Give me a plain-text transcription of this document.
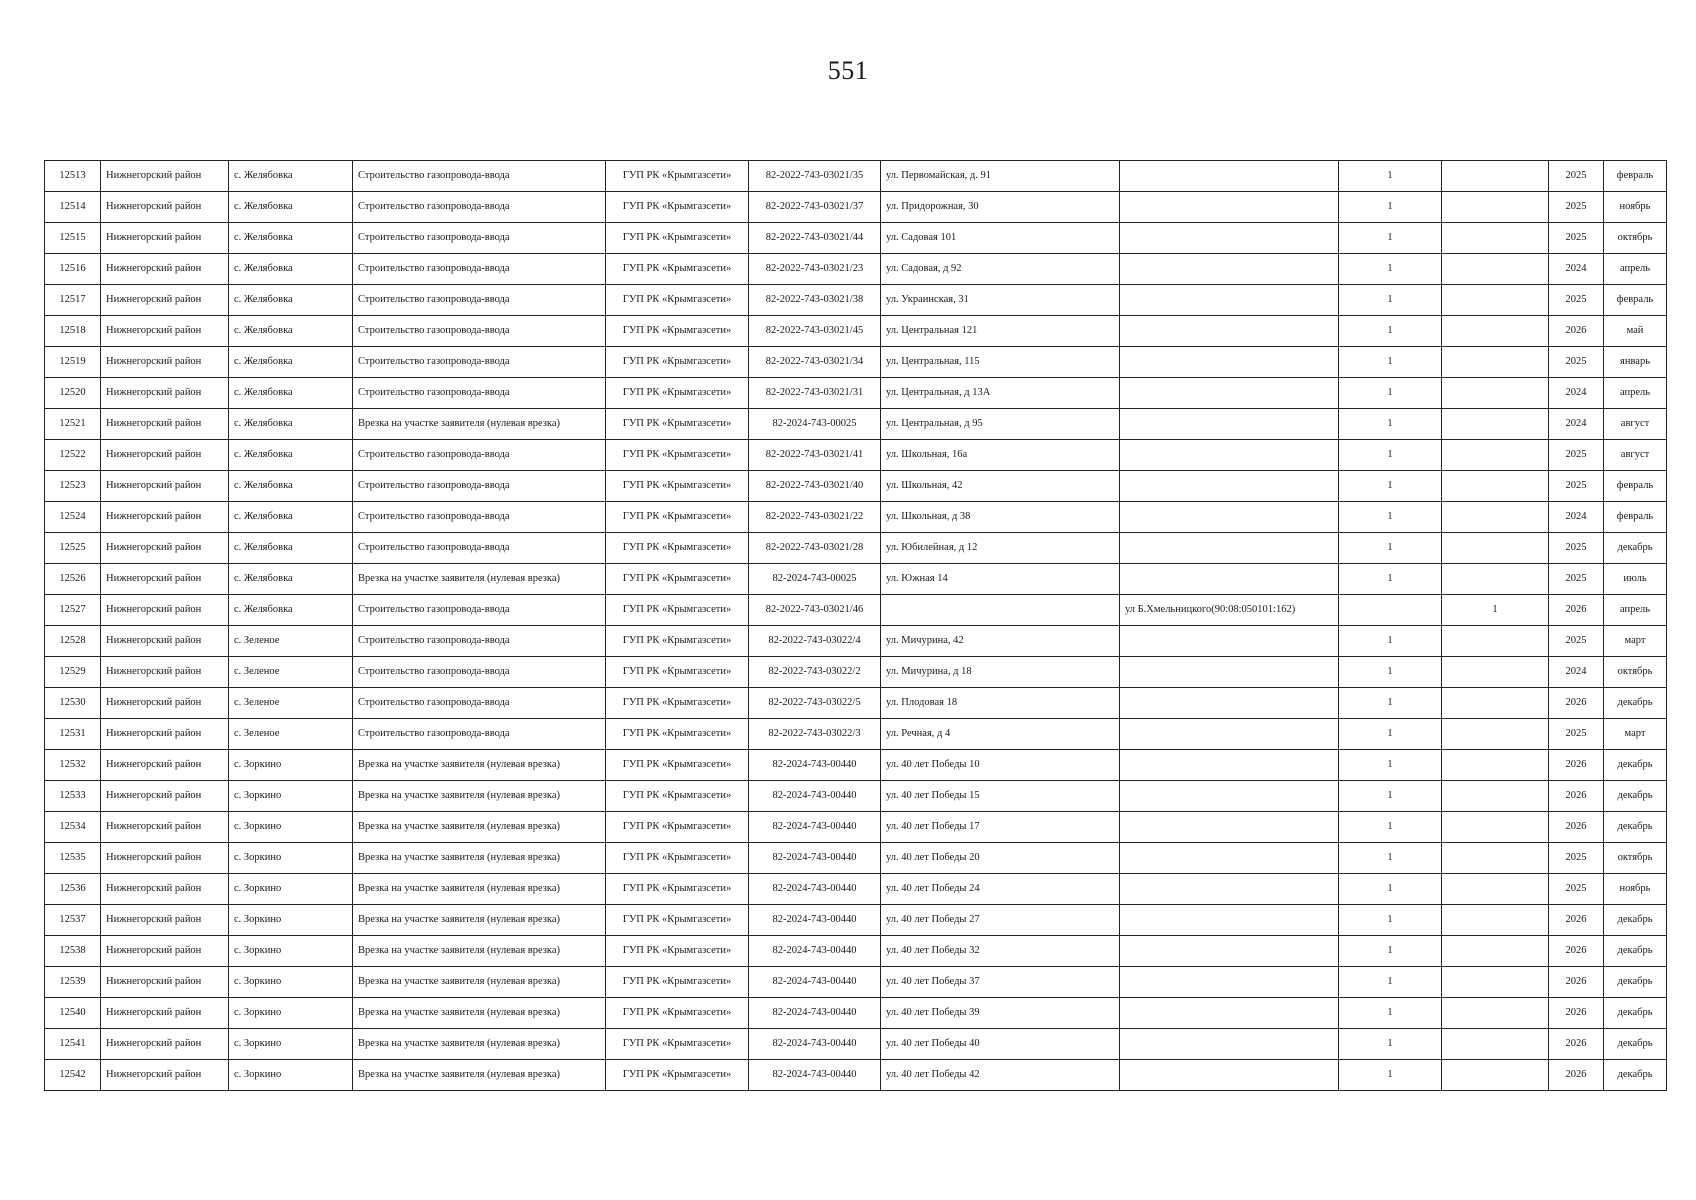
551
12513	Нижнегорский район	с. Желябовка	Строительство газопровода-ввода	ГУП РК «Крымгазсети»	82-2022-743-03021/35	ул. Первомайская, д. 91		1		2025	февраль
12514	Нижнегорский район	с. Желябовка	Строительство газопровода-ввода	ГУП РК «Крымгазсети»	82-2022-743-03021/37	ул. Придорожная, 30		1		2025	ноябрь
12515	Нижнегорский район	с. Желябовка	Строительство газопровода-ввода	ГУП РК «Крымгазсети»	82-2022-743-03021/44	ул. Садовая 101		1		2025	октябрь
12516	Нижнегорский район	с. Желябовка	Строительство газопровода-ввода	ГУП РК «Крымгазсети»	82-2022-743-03021/23	ул. Садовая, д 92		1		2024	апрель
12517	Нижнегорский район	с. Желябовка	Строительство газопровода-ввода	ГУП РК «Крымгазсети»	82-2022-743-03021/38	ул. Украинская, 31		1		2025	февраль
12518	Нижнегорский район	с. Желябовка	Строительство газопровода-ввода	ГУП РК «Крымгазсети»	82-2022-743-03021/45	ул. Центральная 121		1		2026	май
12519	Нижнегорский район	с. Желябовка	Строительство газопровода-ввода	ГУП РК «Крымгазсети»	82-2022-743-03021/34	ул. Центральная, 115		1		2025	январь
12520	Нижнегорский район	с. Желябовка	Строительство газопровода-ввода	ГУП РК «Крымгазсети»	82-2022-743-03021/31	ул. Центральная, д 13А		1		2024	апрель
12521	Нижнегорский район	с. Желябовка	Врезка на участке заявителя (нулевая врезка)	ГУП РК «Крымгазсети»	82-2024-743-00025	ул. Центральная, д 95		1		2024	август
12522	Нижнегорский район	с. Желябовка	Строительство газопровода-ввода	ГУП РК «Крымгазсети»	82-2022-743-03021/41	ул. Школьная, 16а		1		2025	август
12523	Нижнегорский район	с. Желябовка	Строительство газопровода-ввода	ГУП РК «Крымгазсети»	82-2022-743-03021/40	ул. Школьная, 42		1		2025	февраль
12524	Нижнегорский район	с. Желябовка	Строительство газопровода-ввода	ГУП РК «Крымгазсети»	82-2022-743-03021/22	ул. Школьная, д 38		1		2024	февраль
12525	Нижнегорский район	с. Желябовка	Строительство газопровода-ввода	ГУП РК «Крымгазсети»	82-2022-743-03021/28	ул. Юбилейная, д 12		1		2025	декабрь
12526	Нижнегорский район	с. Желябовка	Врезка на участке заявителя (нулевая врезка)	ГУП РК «Крымгазсети»	82-2024-743-00025	ул. Южная 14		1		2025	июль
12527	Нижнегорский район	с. Желябовка	Строительство газопровода-ввода	ГУП РК «Крымгазсети»	82-2022-743-03021/46		ул Б.Хмельницкого(90:08:050101:162)		1	2026	апрель
12528	Нижнегорский район	с. Зеленое	Строительство газопровода-ввода	ГУП РК «Крымгазсети»	82-2022-743-03022/4	ул. Мичурина, 42		1		2025	март
12529	Нижнегорский район	с. Зеленое	Строительство газопровода-ввода	ГУП РК «Крымгазсети»	82-2022-743-03022/2	ул. Мичурина, д 18		1		2024	октябрь
12530	Нижнегорский район	с. Зеленое	Строительство газопровода-ввода	ГУП РК «Крымгазсети»	82-2022-743-03022/5	ул. Плодовая 18		1		2026	декабрь
12531	Нижнегорский район	с. Зеленое	Строительство газопровода-ввода	ГУП РК «Крымгазсети»	82-2022-743-03022/3	ул. Речная, д 4		1		2025	март
12532	Нижнегорский район	с. Зоркино	Врезка на участке заявителя (нулевая врезка)	ГУП РК «Крымгазсети»	82-2024-743-00440	ул. 40 лет Победы 10		1		2026	декабрь
12533	Нижнегорский район	с. Зоркино	Врезка на участке заявителя (нулевая врезка)	ГУП РК «Крымгазсети»	82-2024-743-00440	ул. 40 лет Победы 15		1		2026	декабрь
12534	Нижнегорский район	с. Зоркино	Врезка на участке заявителя (нулевая врезка)	ГУП РК «Крымгазсети»	82-2024-743-00440	ул. 40 лет Победы 17		1		2026	декабрь
12535	Нижнегорский район	с. Зоркино	Врезка на участке заявителя (нулевая врезка)	ГУП РК «Крымгазсети»	82-2024-743-00440	ул. 40 лет Победы 20		1		2025	октябрь
12536	Нижнегорский район	с. Зоркино	Врезка на участке заявителя (нулевая врезка)	ГУП РК «Крымгазсети»	82-2024-743-00440	ул. 40 лет Победы 24		1		2025	ноябрь
12537	Нижнегорский район	с. Зоркино	Врезка на участке заявителя (нулевая врезка)	ГУП РК «Крымгазсети»	82-2024-743-00440	ул. 40 лет Победы 27		1		2026	декабрь
12538	Нижнегорский район	с. Зоркино	Врезка на участке заявителя (нулевая врезка)	ГУП РК «Крымгазсети»	82-2024-743-00440	ул. 40 лет Победы 32		1		2026	декабрь
12539	Нижнегорский район	с. Зоркино	Врезка на участке заявителя (нулевая врезка)	ГУП РК «Крымгазсети»	82-2024-743-00440	ул. 40 лет Победы 37		1		2026	декабрь
12540	Нижнегорский район	с. Зоркино	Врезка на участке заявителя (нулевая врезка)	ГУП РК «Крымгазсети»	82-2024-743-00440	ул. 40 лет Победы 39		1		2026	декабрь
12541	Нижнегорский район	с. Зоркино	Врезка на участке заявителя (нулевая врезка)	ГУП РК «Крымгазсети»	82-2024-743-00440	ул. 40 лет Победы 40		1		2026	декабрь
12542	Нижнегорский район	с. Зоркино	Врезка на участке заявителя (нулевая врезка)	ГУП РК «Крымгазсети»	82-2024-743-00440	ул. 40 лет Победы 42		1		2026	декабрь
